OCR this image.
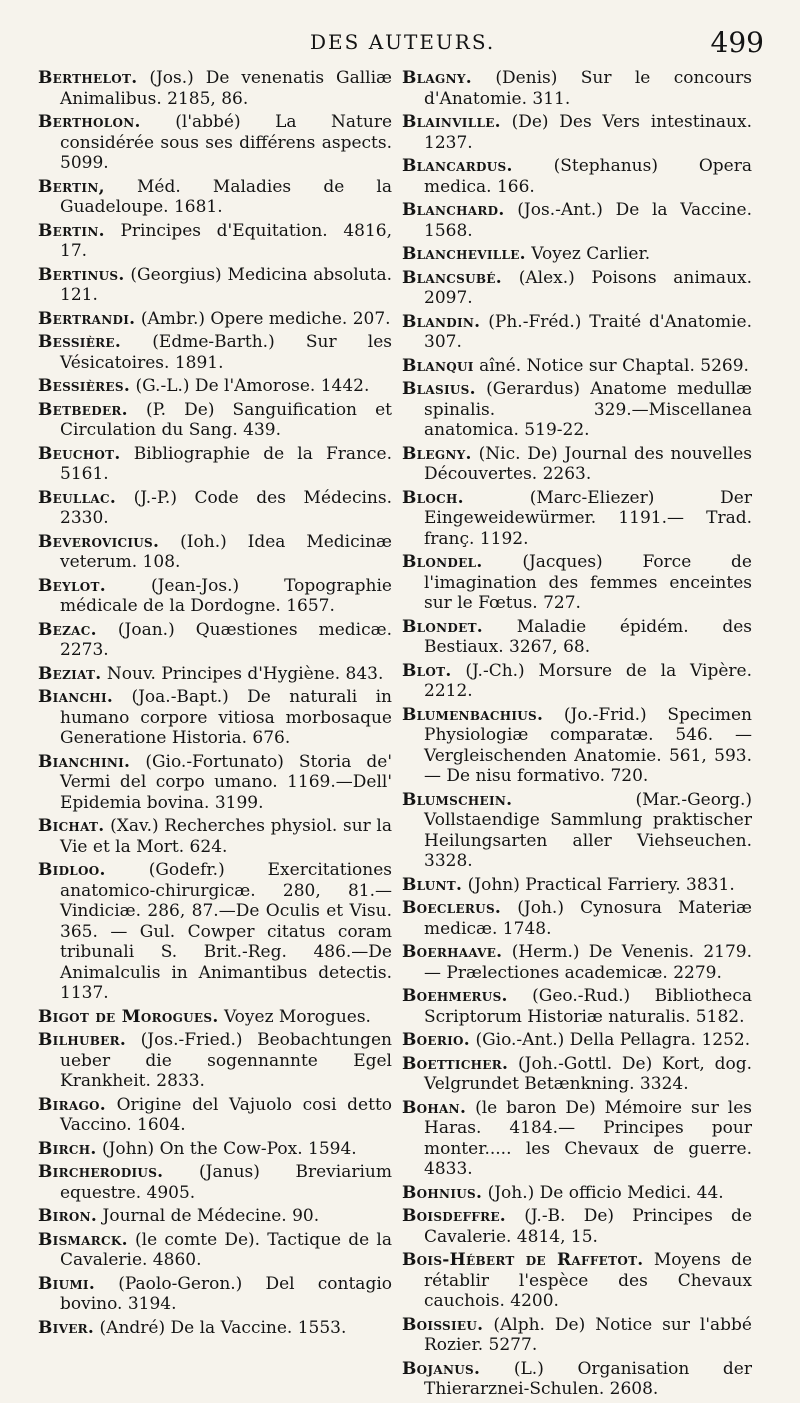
DES AUTEURS.	499

Berthelot. (Jos.) De venenatis Galliæ Animalibus. 2185, 86.

Bertholon. (l'abbé) La Nature considérée sous ses différens aspects. 5099.

Bertin, Méd. Maladies de la Guadeloupe. 1681.

Bertin. Principes d'Equitation. 4816, 17.

Bertinus. (Georgius) Medicina absoluta. 121.

Bertrandi. (Ambr.) Opere mediche. 207.

Bessière. (Edme-Barth.) Sur les Vésicatoires. 1891.

Bessières. (G.-L.) De l'Amorose. 1442.

Betbeder. (P. De) Sanguification et Circulation du Sang. 439.

Beuchot. Bibliographie de la France. 5161.

Beullac. (J.-P.) Code des Médecins. 2330.

Beverovicius. (Ioh.) Idea Medicinæ veterum. 108.

Beylot.	(Jean-Jos.) Topographie médicale de la Dordogne. 1657.

Bezac. (Joan.) Quæstiones medicæ. 2273.

Beziat. Nouv. Principes d'Hygiène. 843.

Bianchi. (Joa.-Bapt.) De naturali in humano corpore vitiosa morbosaque Generatione Historia. 676.

Bianchini. (Gio.-Fortunato) Storia de' Vermi del corpo umano. 1169.—Dell' Epidemia bovina. 3199.

Bichat. (Xav.) Recherches physiol. sur la Vie et la Mort. 624.

Bidloo.	(Godefr.) Exercitationes anatomico-chirurgicæ. 280, 81.—Vindiciæ. 286, 87.—De Oculis et Visu. 365. — Gul. Cowper citatus coram tribunali S. Brit.-Reg. 486.—De Animalculis in Animantibus detectis. 1137.

Bigot de Morogues. Voyez Morogues.

Bilhuber. (Jos.-Fried.) Beobachtungen ueber die sogennannte Egel Krankheit. 2833.

Birago. Origine del Vajuolo cosi detto Vaccino. 1604.

Birch. (John) On the Cow-Pox. 1594.

Bircherodius. (Janus) Breviarium equestre. 4905.

Biron. Journal de Médecine. 90.

Bismarck. (le comte De). Tactique de la Cavalerie. 4860.

Biumi. (Paolo-Geron.) Del contagio bovino. 3194.

Biver. (André) De la Vaccine. 1553.

Blagny. (Denis) Sur le concours d'Anatomie. 311.

Blainville. (De) Des Vers intestinaux. 1237.

Blancardus. (Stephanus) Opera medica. 166.

Blanchard. (Jos.-Ant.) De la Vaccine. 1568.

Blancheville. Voyez Carlier.

Blancsubé. (Alex.) Poisons animaux. 2097.

Blandin. (Ph.-Fréd.) Traité d'Anatomie. 307.

Blanqui aîné. Notice sur Chaptal. 5269.

Blasius. (Gerardus) Anatome medullæ spinalis. 329.—Miscellanea anatomica. 519-22.

Blegny. (Nic. De) Journal des nouvelles Découvertes. 2263.

Bloch.	(Marc-Eliezer) Der Eingeweidewürmer. 1191.— Trad. franç. 1192.

Blondel. (Jacques) Force de l'imagination des femmes enceintes sur le Fœtus. 727.

Blondet. Maladie épidém. des Bestiaux. 3267, 68.

Blot. (J.-Ch.) Morsure de la Vipère. 2212.

Blumenbachius. (Jo.-Frid.) Specimen Physiologiæ comparatæ. 546. — Vergleischenden Anatomie. 561, 593. — De nisu formativo. 720.

Blumschein.	(Mar.-Georg.) Vollstaendige Sammlung praktischer Heilungsarten aller Viehseuchen. 3328.

Blunt. (John) Practical Farriery. 3831.

Boeclerus. (Joh.) Cynosura Materiæ medicæ. 1748.

Boerhaave. (Herm.) De Venenis. 2179. — Prælectiones academicæ. 2279.

Boehmerus. (Geo.-Rud.) Bibliotheca Scriptorum Historiæ naturalis. 5182.

Boerio. (Gio.-Ant.) Della Pellagra. 1252.

Boetticher. (Joh.-Gottl. De) Kort, dog. Velgrundet Betænkning. 3324.

Bohan. (le baron De) Mémoire sur les Haras. 4184.— Principes pour monter..... les Chevaux de guerre. 4833.

Bohnius. (Joh.) De officio Medici. 44.

Boisdeffre. (J.-B. De) Principes de Cavalerie. 4814, 15.

Bois-Hébert de Raffetot. Moyens de rétablir l'espèce des Chevaux cauchois. 4200.

Boissieu. (Alph. De) Notice sur l'abbé Rozier. 5277.

Bojanus. (L.) Organisation der Thierarznei-Schulen. 2608.
